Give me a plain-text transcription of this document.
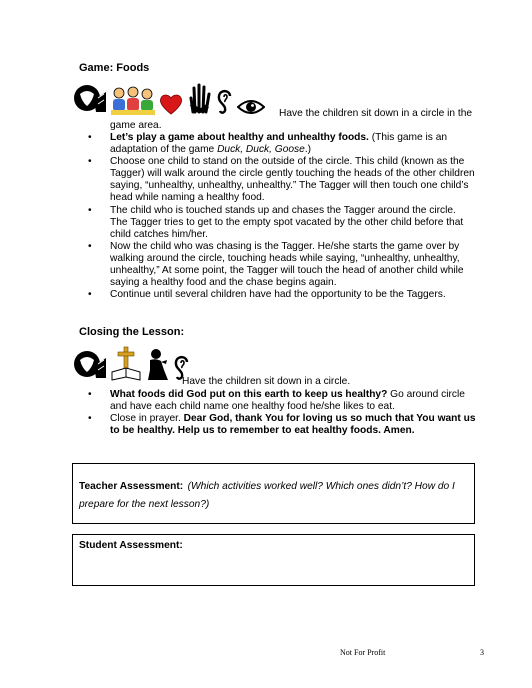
Game: Foods
Have the children sit down in a circle in the
game area.
• Let’s play a game about healthy and unhealthy foods. (This game is an adaptation of the game Duck, Duck, Goose.)
• Choose one child to stand on the outside of the circle. This child (known as the Tagger) will walk around the circle gently touching the heads of the other children saying, “unhealthy, unhealthy, unhealthy.” The Tagger will then touch one child’s head while naming a healthy food.
• The child who is touched stands up and chases the Tagger around the circle. The Tagger tries to get to the empty spot vacated by the other child before that child catches him/her.
• Now the child who was chasing is the Tagger. He/she starts the game over by walking around the circle, touching heads while saying, “unhealthy, unhealthy, unhealthy,” At some point, the Tagger will touch the head of another child while saying a healthy food and the chase begins again.
• Continue until several children have had the opportunity to be the Taggers.
Closing the Lesson:
Have the children sit down in a circle.
• What foods did God put on this earth to keep us healthy? Go around circle and have each child name one healthy food he/she likes to eat.
• Close in prayer. Dear God, thank You for loving us so much that You want us to be healthy. Help us to remember to eat healthy foods. Amen.
Teacher Assessment: (Which activities worked well? Which ones didn’t? How do I prepare for the next lesson?)
Student Assessment:
Not For Profit	3
